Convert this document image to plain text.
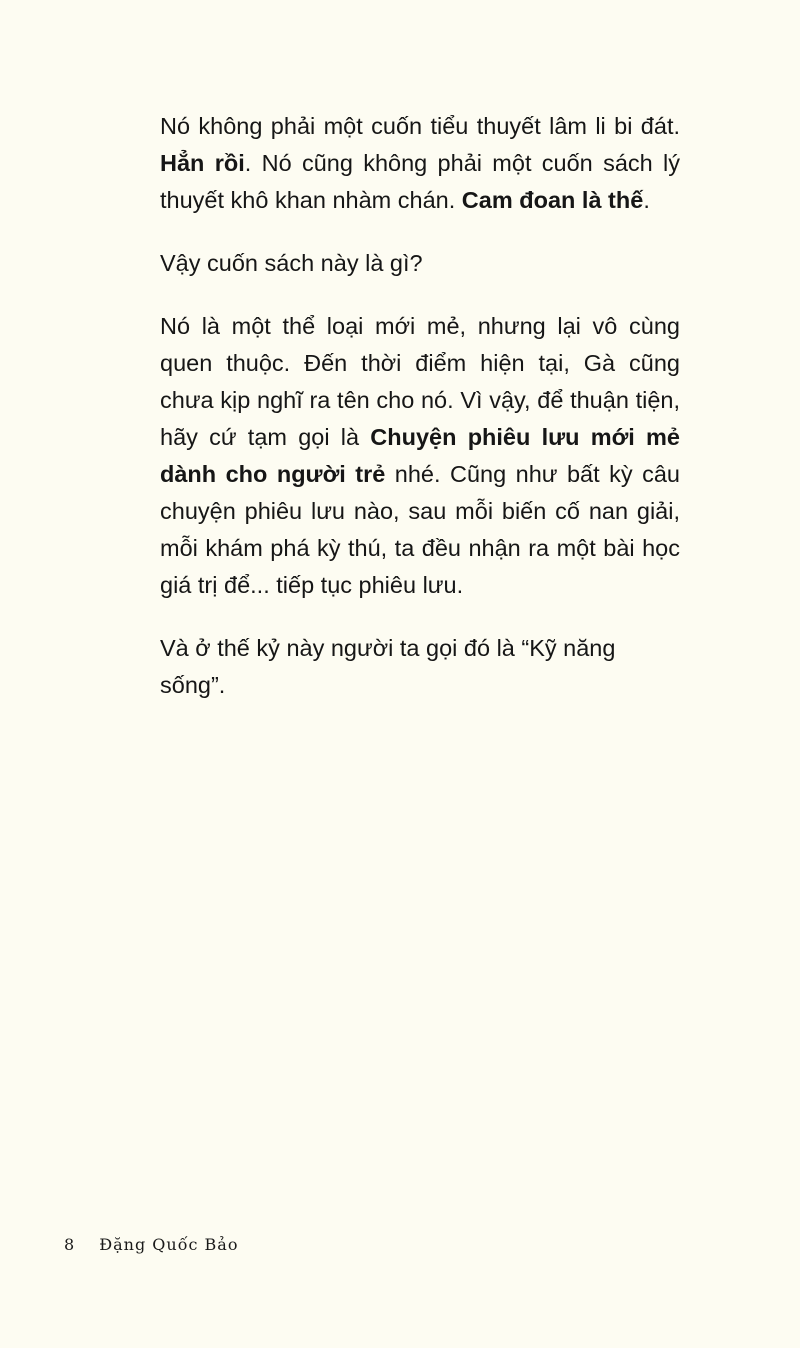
Nó không phải một cuốn tiểu thuyết lâm li bi đát. Hẳn rồi. Nó cũng không phải một cuốn sách lý thuyết khô khan nhàm chán. Cam đoan là thế.

Vậy cuốn sách này là gì?

Nó là một thể loại mới mẻ, nhưng lại vô cùng quen thuộc. Đến thời điểm hiện tại, Gà cũng chưa kịp nghĩ ra tên cho nó. Vì vậy, để thuận tiện, hãy cứ tạm gọi là Chuyện phiêu lưu mới mẻ dành cho người trẻ nhé. Cũng như bất kỳ câu chuyện phiêu lưu nào, sau mỗi biến cố nan giải, mỗi khám phá kỳ thú, ta đều nhận ra một bài học giá trị để... tiếp tục phiêu lưu.

Và ở thế kỷ này người ta gọi đó là “Kỹ năng sống”.

8 Đặng Quốc Bảo
